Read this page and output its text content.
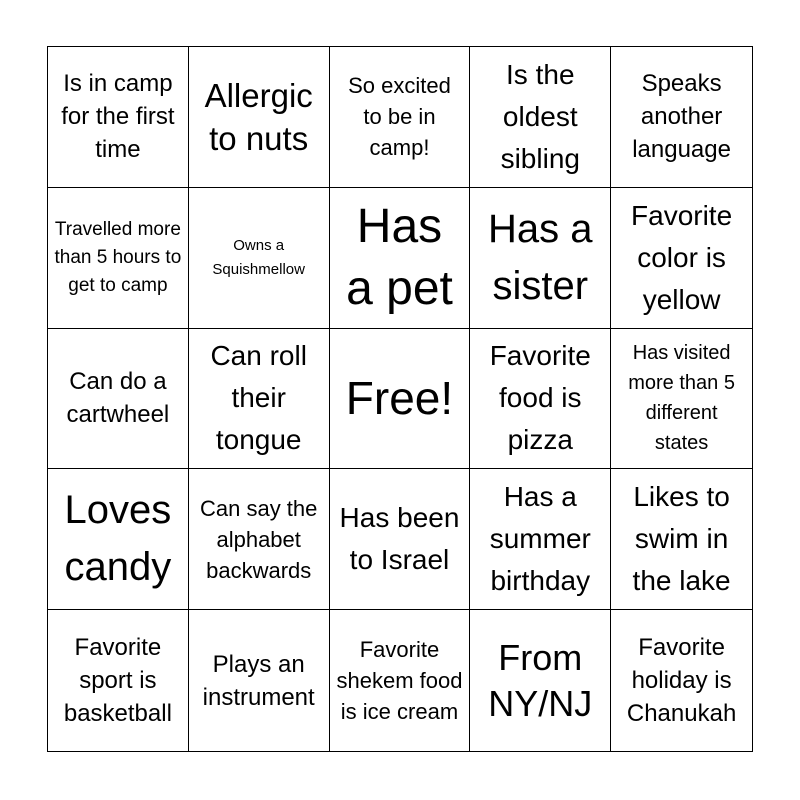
Is in camp for the first time
Allergic to nuts
So excited to be in camp!
Is the oldest sibling
Speaks another language
Travelled more than 5 hours to get to camp
Owns a Squishmellow
Has a pet
Has a sister
Favorite color is yellow
Can do a cartwheel
Can roll their tongue
Free!
Favorite food is pizza
Has visited more than 5 different states
Loves candy
Can say the alphabet backwards
Has been to Israel
Has a summer birthday
Likes to swim in the lake
Favorite sport is basketball
Plays an instrument
Favorite shekem food is ice cream
From NY/NJ
Favorite holiday is Chanukah
